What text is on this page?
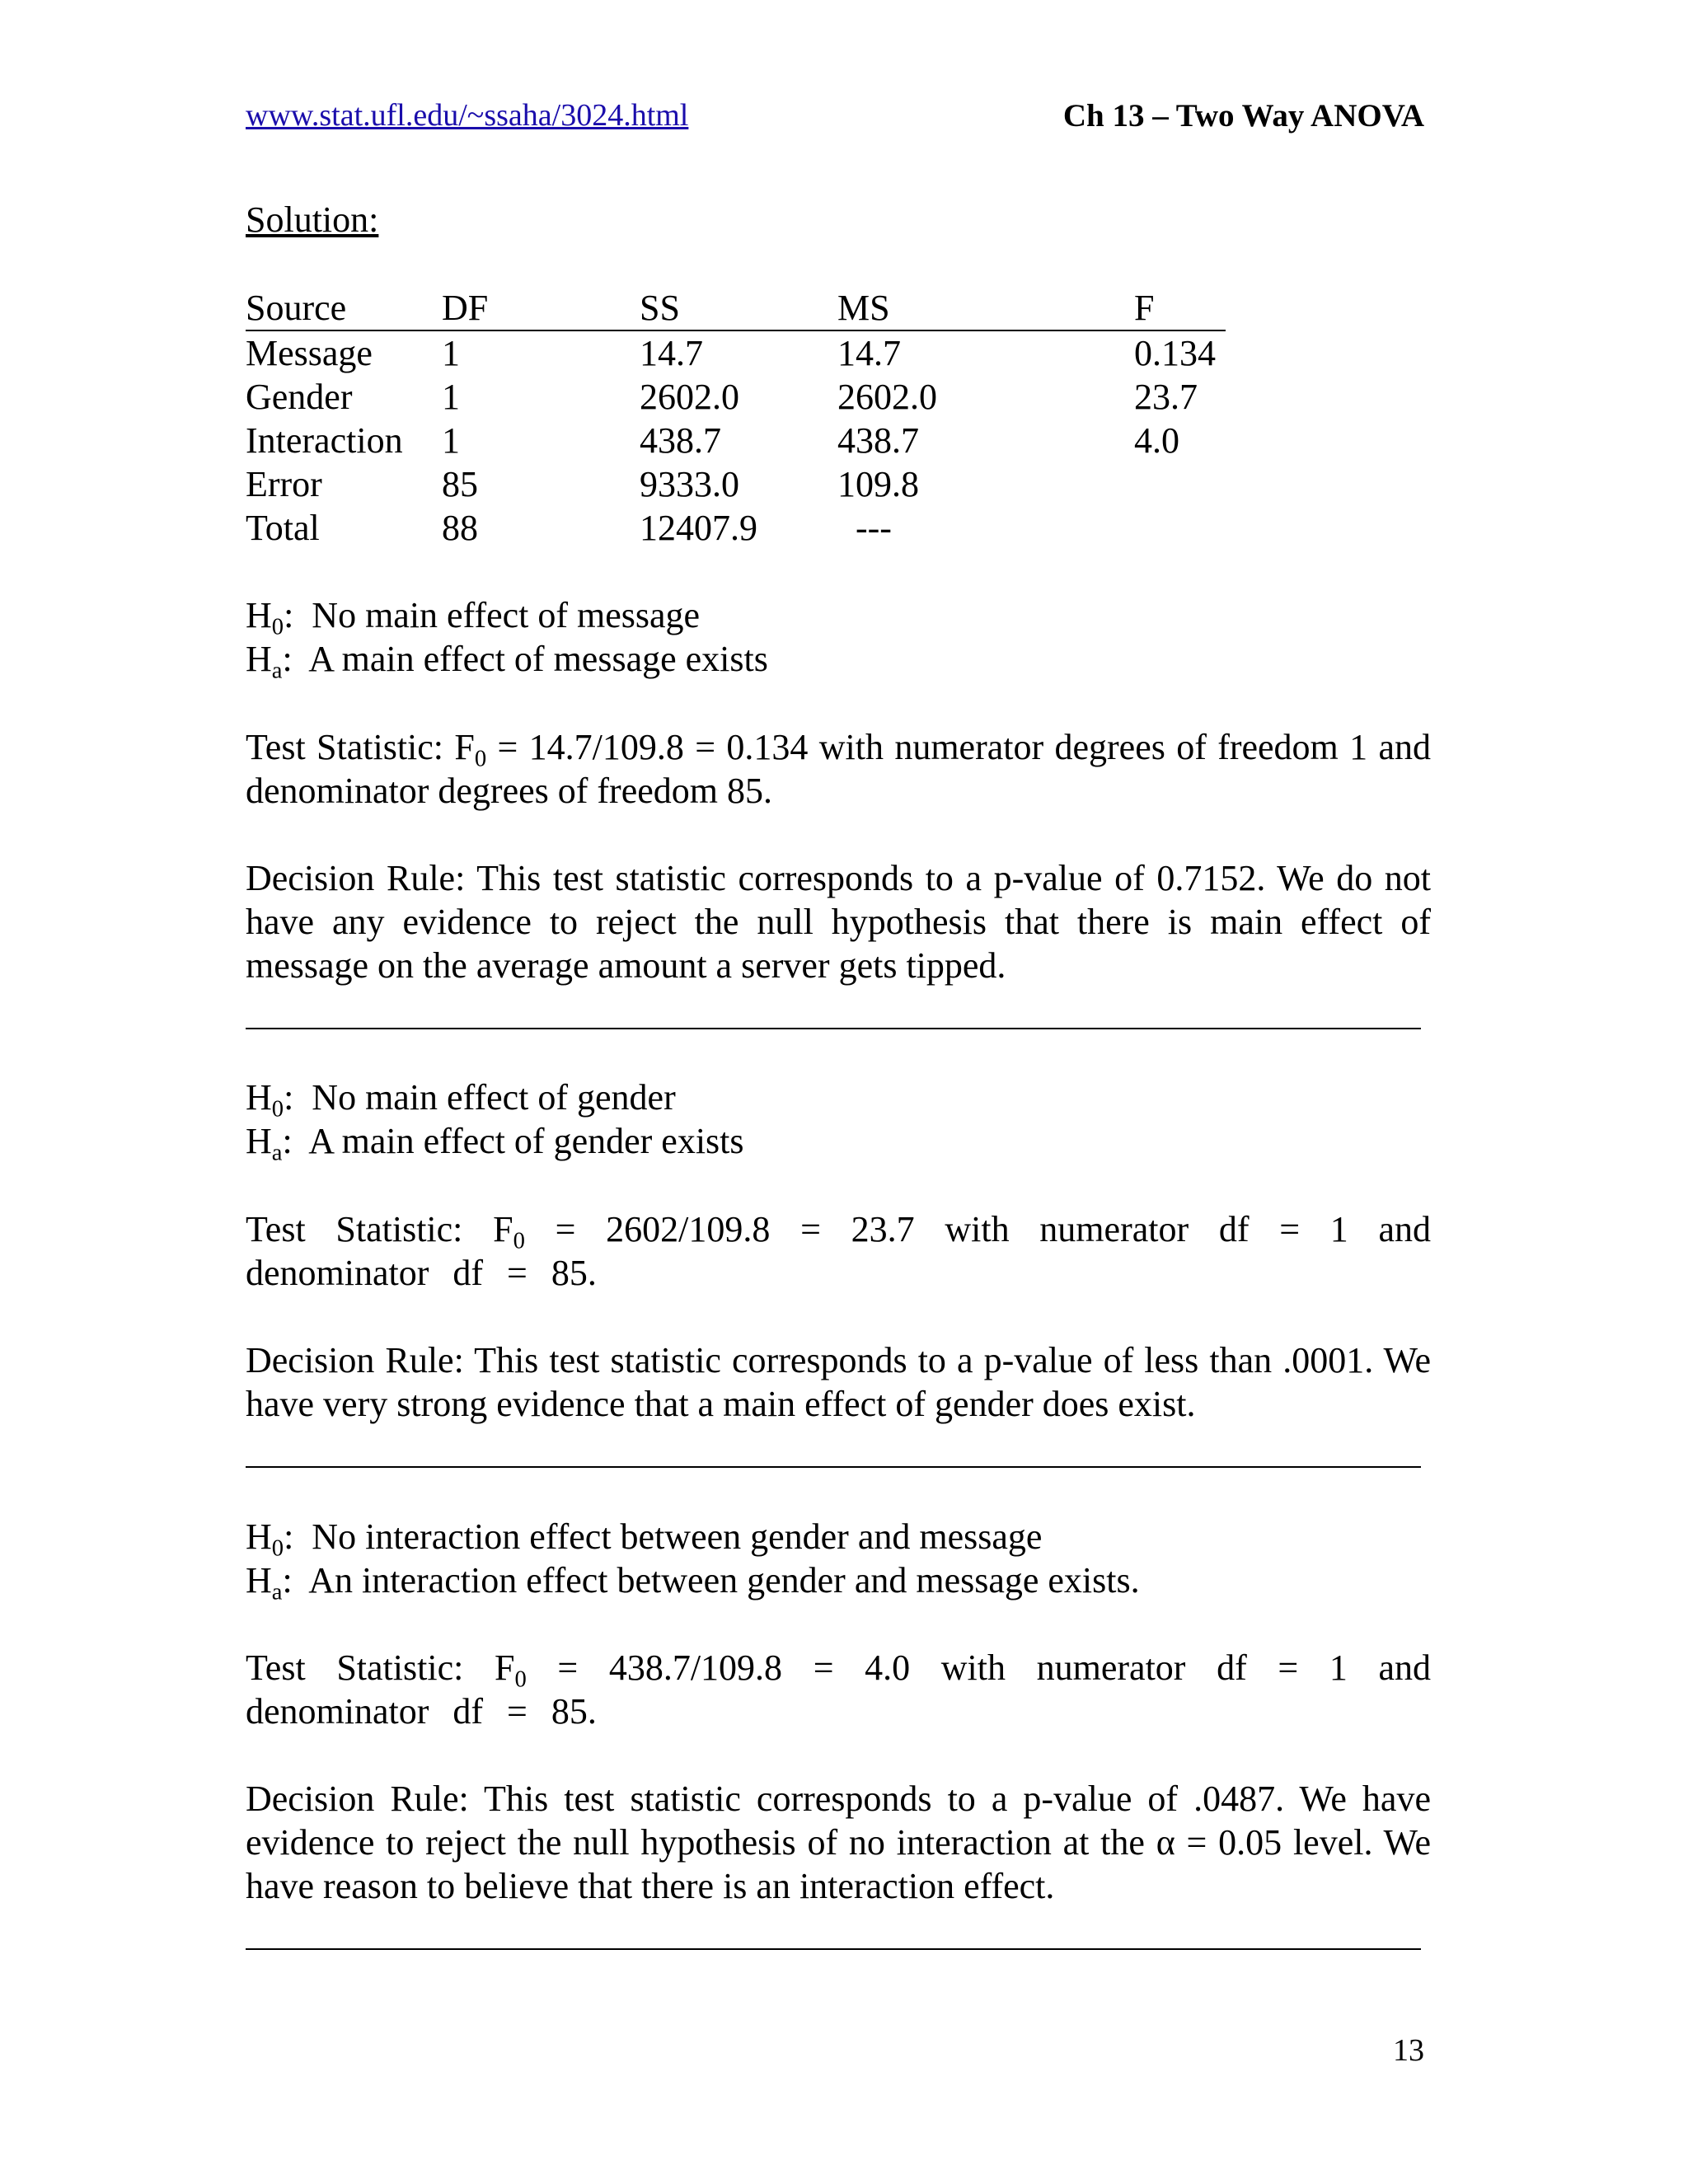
www.stat.ufl.edu/~ssaha/3024.html	Ch 13 – Two Way ANOVA
Solution:
Source	DF	SS	MS	F
Message	1	14.7	14.7	0.134
Gender	1	2602.0	2602.0	23.7
Interaction	1	438.7	438.7	4.0
Error	85	9333.0	109.8	
Total	88	12407.9	---	
$H_0$:  No main effect of message
$H_a$:  A main effect of message exists
Test Statistic: $F_0 = 14.7/109.8 = 0.134$ with numerator degrees of freedom 1 and denominator degrees of freedom 85.
Decision Rule: This test statistic corresponds to a p-value of 0.7152. We do not have any evidence to reject the null hypothesis that there is main effect of message on the average amount a server gets tipped.
$H_0$:  No main effect of gender
$H_a$:  A main effect of gender exists
Test Statistic: $F_0 = 2602/109.8 = 23.7$ with numerator df = 1 and denominator df = 85.
Decision Rule: This test statistic corresponds to a p-value of less than .0001. We have very strong evidence that a main effect of gender does exist.
$H_0$:  No interaction effect between gender and message
$H_a$:  An interaction effect between gender and message exists.
Test Statistic: $F_0 = 438.7/109.8 = 4.0$ with numerator df = 1 and denominator df = 85.
Decision Rule: This test statistic corresponds to a p-value of .0487. We have evidence to reject the null hypothesis of no interaction at the α = 0.05 level. We have reason to believe that there is an interaction effect.
13
